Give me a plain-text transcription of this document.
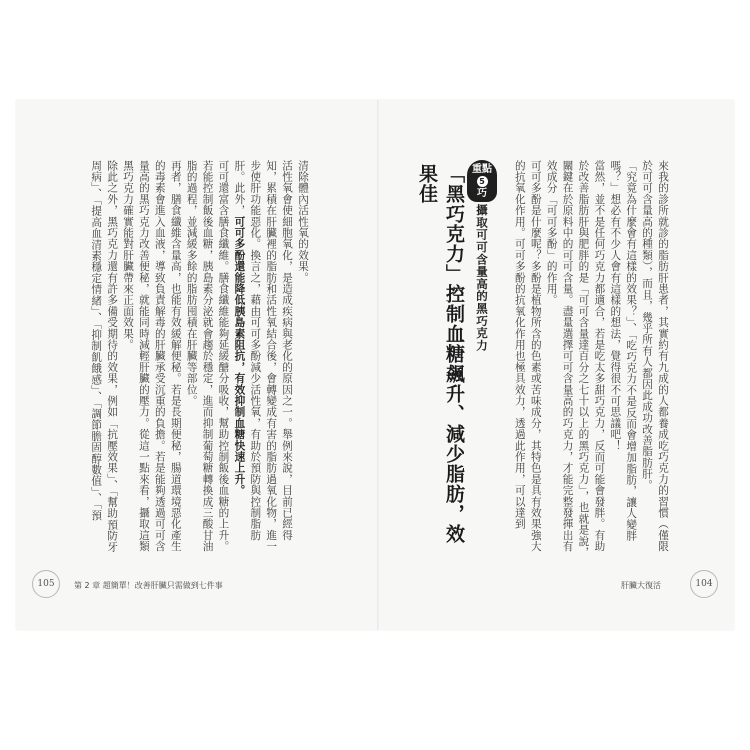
重點
5
巧
攝取可可含量高的黑巧克力
「黑巧克力」控制血糖飆升、減少脂肪，效果佳	來我的診所就診的脂肪肝患者，其實約有九成的人都養成吃巧克力的習慣（僅限於可可含量高的種類），而且，幾乎所有人都因此成功改善脂肪肝。
「究竟為什麼會有這樣的效果？」、「吃巧克力不是反而會增加脂肪，讓人變胖嗎？」想必有不少人會有這樣的想法，覺得很不可思議吧！
當然，並不是任何巧克力都適合，若是吃太多甜巧克力，反而可能會發胖。有助於改善脂肪肝與肥胖的是「可可含量達百分之七十以上的黑巧克力」，也就是說，關鍵在於原料中的可可含量。盡量選擇可可含量高的巧克力，才能完整發揮出有效成分「可可多酚」的作用。
可可多酚是什麼呢？多酚是植物所含的色素或苦味成分，其特色是具有效果強大的抗氧化作用。可可多酚的抗氧化作用也極具效力，透過此作用，可以達到
清除體內活性氧的效果。
活性氧會使細胞氧化，是造成疾病與老化的原因之一。舉例來說，目前已經得知，累積在肝臟裡的脂肪和活性氧結合後，會轉變成有害的脂肪過氧化物，進一步使肝功能惡化。換言之，藉由可可多酚減少活性氧，有助於預防與控制脂肪肝。此外，可可多酚還能降低胰島素阻抗，有效抑制血糖快速上升。
可可還富含膳食纖維。膳食纖維能夠延緩醣分吸收，幫助控制飯後血糖的上升。若能控制飯後血糖，胰島素分泌就會趨於穩定，進而抑制葡萄糖轉換成三酸甘油脂的過程，並減緩多餘的脂肪囤積在肝臟等部位。
再者，膳食纖維含量高，也能有效緩解便秘。若是長期便秘，腸道環境惡化產生的毒素會進入血液，導致負責解毒的肝臟承受沉重的負擔。若是能夠透過可可含量高的黑巧克力改善便秘，就能同時減輕肝臟的壓力。從這一點來看，攝取這類黑巧克力確實能對肝臟帶來正面效果。
除此之外，黑巧克力還有許多備受期待的效果，例如「抗壓效果」、「幫助預防牙周病」、「提高血清素穩定情緒」、「抑制飢餓感」、「調節膽固醇數值」、「預
105	第 2 章 超簡單！改善肝臟只需做到七件事	肝臟大復活	104
